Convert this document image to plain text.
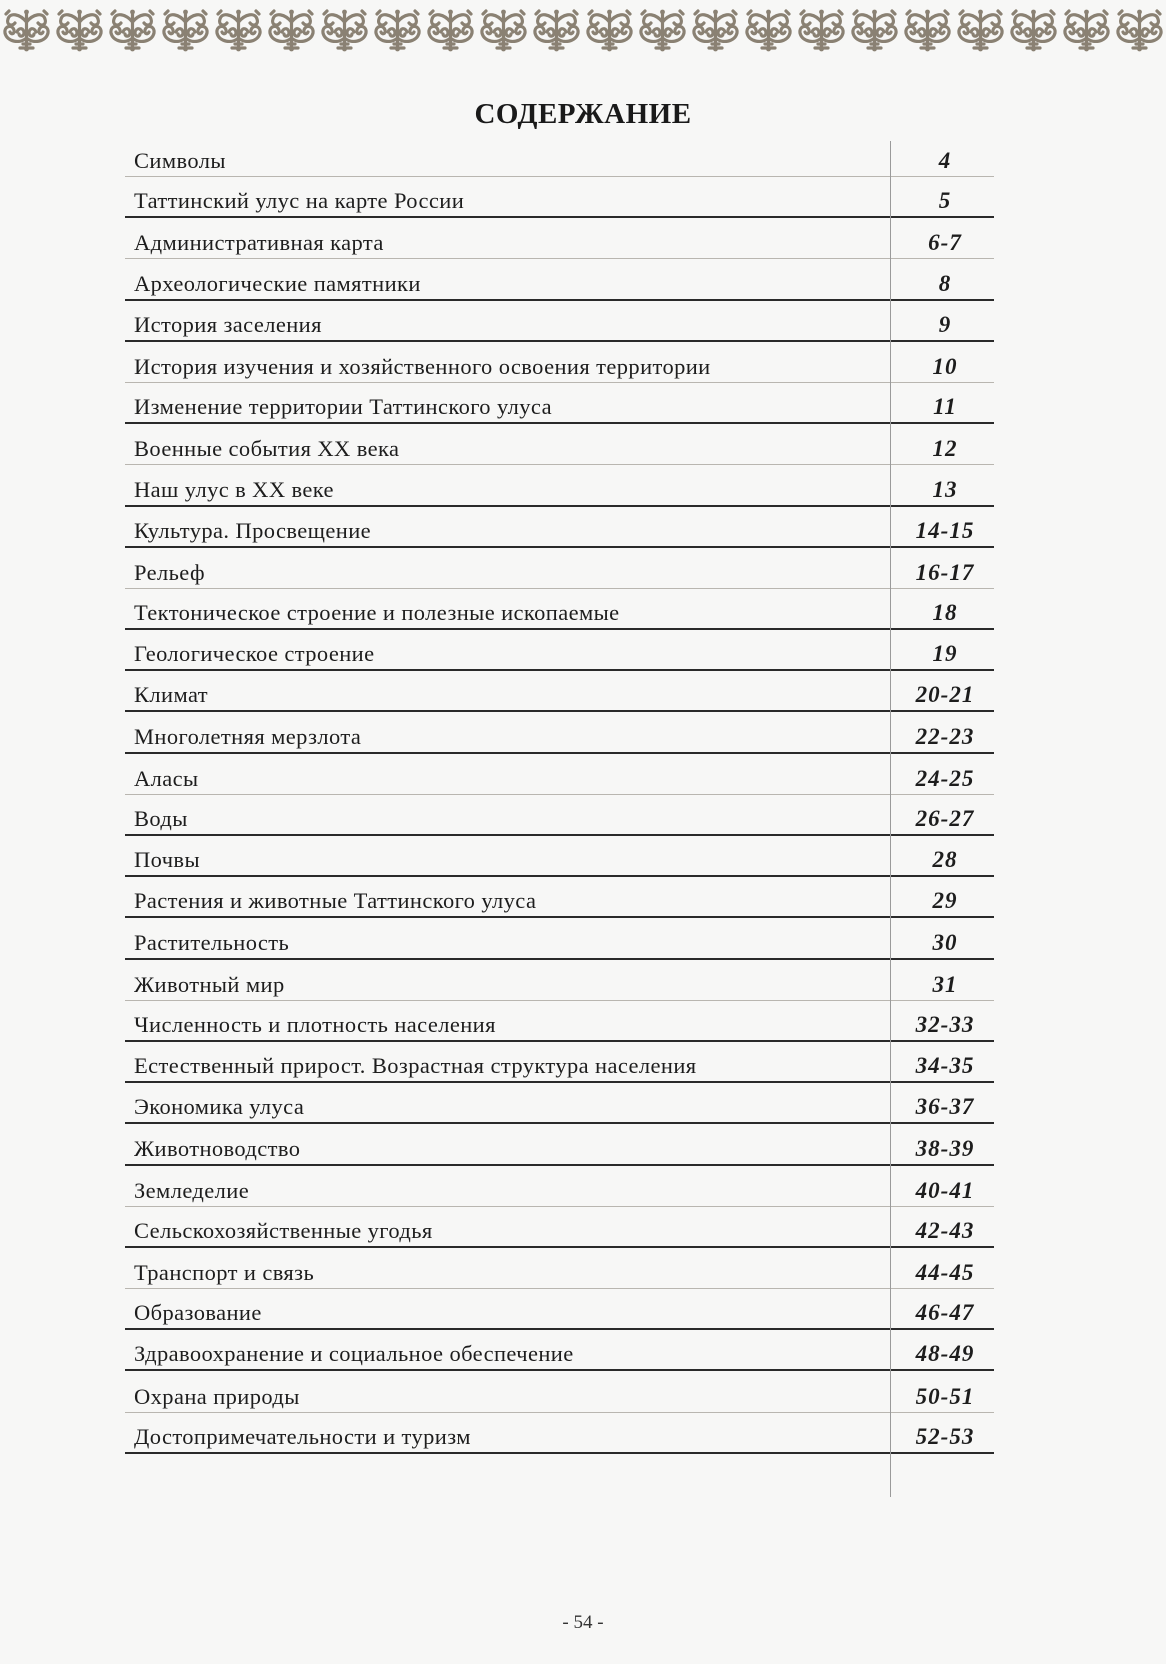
СОДЕРЖАНИЕ
Символы	4
Таттинский улус на карте России	5
Административная карта	6-7
Археологические памятники	8
История заселения	9
История изучения и хозяйственного освоения территории	10
Изменение территории Таттинского улуса	11
Военные события XX века	12
Наш улус в XX веке	13
Культура. Просвещение	14-15
Рельеф	16-17
Тектоническое строение и полезные ископаемые	18
Геологическое строение	19
Климат	20-21
Многолетняя мерзлота	22-23
Аласы	24-25
Воды	26-27
Почвы	28
Растения и животные Таттинского улуса	29
Растительность	30
Животный мир	31
Численность и плотность населения	32-33
Естественный прирост. Возрастная структура населения	34-35
Экономика улуса	36-37
Животноводство	38-39
Земледелие	40-41
Сельскохозяйственные угодья	42-43
Транспорт и связь	44-45
Образование	46-47
Здравоохранение и социальное обеспечение	48-49
Охрана природы	50-51
Достопримечательности и туризм	52-53
- 54 -
